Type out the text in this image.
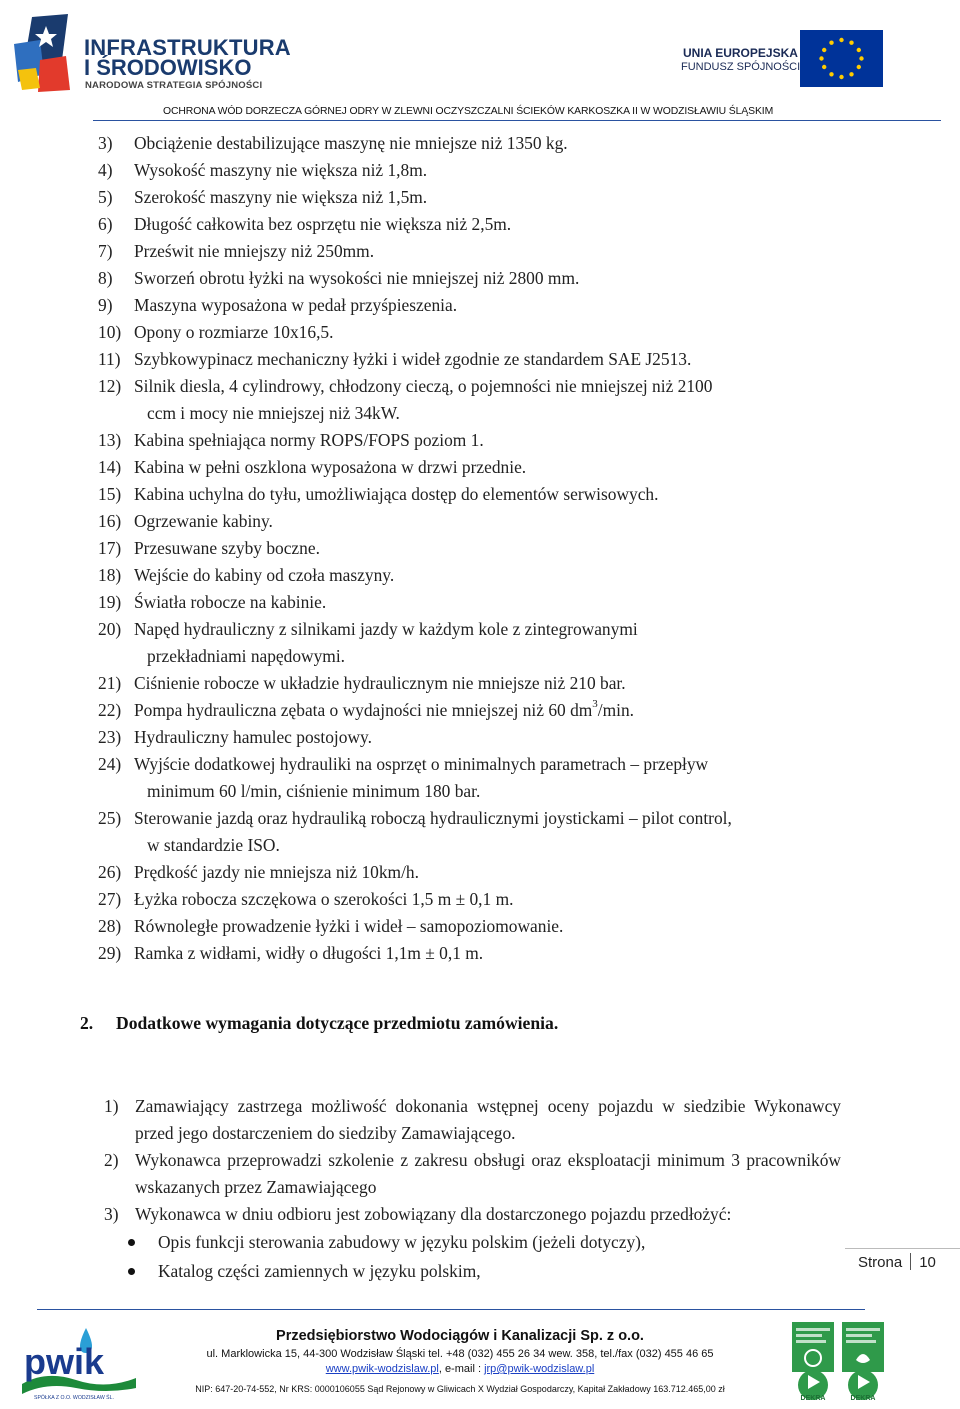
INFRASTRUKTURA
I ŚRODOWISKO
NARODOWA STRATEGIA SPÓJNOŚCI
UNIA EUROPEJSKA
FUNDUSZ SPÓJNOŚCI
OCHRONA WÓD DORZECZA GÓRNEJ ODRY W ZLEWNI OCZYSZCZALNI ŚCIEKÓW KARKOSZKA II W WODZISŁAWIU ŚLĄSKIM
3) Obciążenie destabilizujące maszynę nie mniejsze niż 1350 kg.
4) Wysokość maszyny nie większa niż 1,8m.
5) Szerokość maszyny nie większa niż 1,5m.
6) Długość całkowita bez osprzętu nie większa niż 2,5m.
7) Prześwit nie mniejszy niż 250mm.
8) Sworzeń obrotu łyżki na wysokości nie mniejszej niż 2800 mm.
9) Maszyna wyposażona w pedał przyśpieszenia.
10) Opony o rozmiarze 10x16,5.
11) Szybkowypinacz mechaniczny łyżki i wideł zgodnie ze standardem SAE J2513.
12) Silnik diesla, 4 cylindrowy, chłodzony cieczą, o pojemności nie mniejszej niż 2100
ccm i mocy nie mniejszej niż 34kW.
13) Kabina spełniająca normy ROPS/FOPS poziom 1.
14) Kabina w pełni oszklona wyposażona w drzwi przednie.
15) Kabina uchylna do tyłu, umożliwiająca dostęp do elementów serwisowych.
16) Ogrzewanie kabiny.
17) Przesuwane szyby boczne.
18) Wejście do kabiny od czoła maszyny.
19) Światła robocze na kabinie.
20) Napęd hydrauliczny z silnikami jazdy w każdym kole z zintegrowanymi
przekładniami napędowymi.
21) Ciśnienie robocze w układzie hydraulicznym nie mniejsze niż 210 bar.
22) Pompa hydrauliczna zębata o wydajności nie mniejszej niż 60 $dm^3/\min$.
23) Hydrauliczny hamulec postojowy.
24) Wyjście dodatkowej hydrauliki na osprzęt o minimalnych parametrach – przepływ
minimum 60 l/min, ciśnienie minimum 180 bar.
25) Sterowanie jazdą oraz hydrauliką roboczą hydraulicznymi joystickami – pilot control,
w standardzie ISO.
26) Prędkość jazdy nie mniejsza niż 10km/h.
27) Łyżka robocza szczękowa o szerokości 1,5 m ± 0,1 m.
28) Równoległe prowadzenie łyżki i wideł – samopoziomowanie.
29) Ramka z widłami, widły o długości 1,1m ± 0,1 m.
2. Dodatkowe wymagania dotyczące przedmiotu zamówienia.
1) Zamawiający zastrzega możliwość dokonania wstępnej oceny pojazdu w siedzibie Wykonawcy przed jego dostarczeniem do siedziby Zamawiającego.
2) Wykonawca przeprowadzi szkolenie z zakresu obsługi oraz eksploatacji minimum 3 pracowników wskazanych przez Zamawiającego
3) Wykonawca w dniu odbioru jest zobowiązany dla dostarczonego pojazdu przedłożyć:
Opis funkcji sterowania zabudowy w języku polskim (jeżeli dotyczy),
Katalog części zamiennych w języku polskim,	Strona 10
pwik
SPÓŁKA Z O.O. WODZISŁAW ŚL.
Przedsiębiorstwo Wodociągów i Kanalizacji Sp. z o.o.
ul. Marklowicka 15, 44-300 Wodzisław Śląski tel. +48 (032) 455 26 34 wew. 358, tel./fax (032) 455 46 65
www.pwik-wodzislaw.pl, e-mail : jrp@pwik-wodzislaw.pl
NIP: 647-20-74-552, Nr KRS: 0000106055 Sąd Rejonowy w Gliwicach X Wydział Gospodarczy, Kapitał Zakładowy 163.712.465,00 zł
DEKRA	DEKRA
